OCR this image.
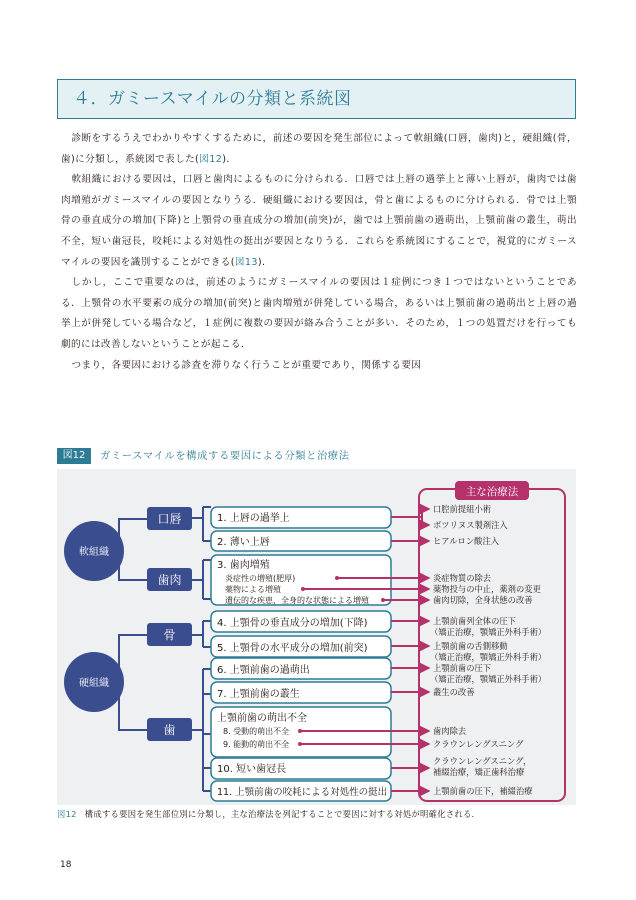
４．ガミースマイルの分類と系統図

診断をするうえでわかりやすくするために，前述の要因を発生部位によって軟組織(口唇，歯肉)と，硬組織(骨，歯)に分類し，系統図で表した(図12)．

軟組織における要因は，口唇と歯肉によるものに分けられる．口唇では上唇の過挙上と薄い上唇が，歯肉では歯肉増殖がガミースマイルの要因となりうる．硬組織における要因は，骨と歯によるものに分けられる．骨では上顎骨の垂直成分の増加(下降)と上顎骨の垂直成分の増加(前突)が，歯では上顎前歯の過萌出，上顎前歯の叢生，萌出不全，短い歯冠長，咬耗による対処性の挺出が要因となりうる．これらを系統図にすることで，視覚的にガミースマイルの要因を識別することができる(図13)．

しかし，ここで重要なのは，前述のようにガミースマイルの要因は１症例につき１つではないということである．上顎骨の水平要素の成分の増加(前突)と歯肉増殖が併発している場合，あるいは上顎前歯の過萌出と上唇の過挙上が併発している場合など，１症例に複数の要因が絡み合うことが多い．そのため，１つの処置だけを行っても劇的には改善しないということが起こる．

つまり，各要因における診査を滞りなく行うことが重要であり，関係する要因

図12	ガミースマイルを構成する要因による分類と治療法
軟組織
硬組織
口唇
歯肉
骨
歯
1. 上唇の過挙上
2. 薄い上唇
3. 歯肉増殖
炎症性の増殖(肥厚)
薬物による増殖
遺伝的な疾患，全身的な状態による増殖
4. 上顎骨の垂直成分の増加(下降)
5. 上顎骨の水平成分の増加(前突)
6. 上顎前歯の過萌出
7. 上顎前歯の叢生
上顎前歯の萌出不全
8. 受動的萌出不全
9. 能動的萌出不全
10. 短い歯冠長
11. 上顎前歯の咬耗による対処性の挺出
主な治療法
口腔前提組小術
ボツリヌス製剤注入
ヒアルロン酸注入
炎症物質の除去
薬物投与の中止，薬剤の変更
歯肉切除，全身状態の改善
上顎前歯列全体の圧下
（矯正治療，顎矯正外科手術）
上顎前歯の舌側移動
（矯正治療，顎矯正外科手術）
上顎前歯の圧下
（矯正治療，顎矯正外科手術）
叢生の改善
歯肉除去
クラウンレングスニング
クラウンレングスニング，
補綴治療，矯正歯科治療
上顎前歯の圧下，補綴治療
図12 構成する要因を発生部位別に分類し，主な治療法を列記することで要因に対する対処が明確化される．
18
